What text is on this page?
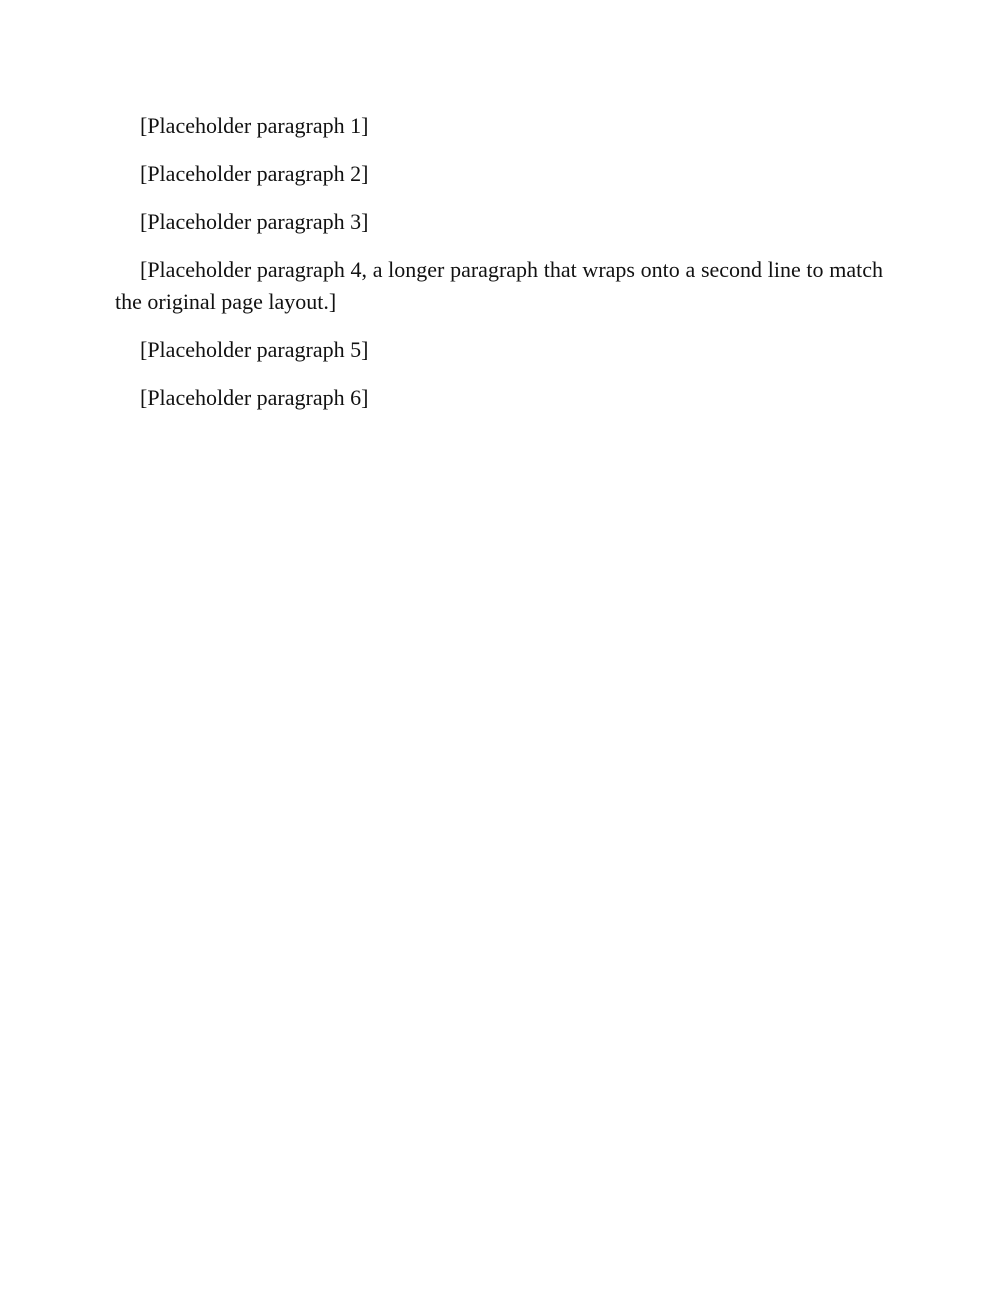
[Placeholder paragraph 1]

[Placeholder paragraph 2]

[Placeholder paragraph 3]

[Placeholder paragraph 4, a longer paragraph that wraps onto a second line to match the original page layout.]

[Placeholder paragraph 5]

[Placeholder paragraph 6]
